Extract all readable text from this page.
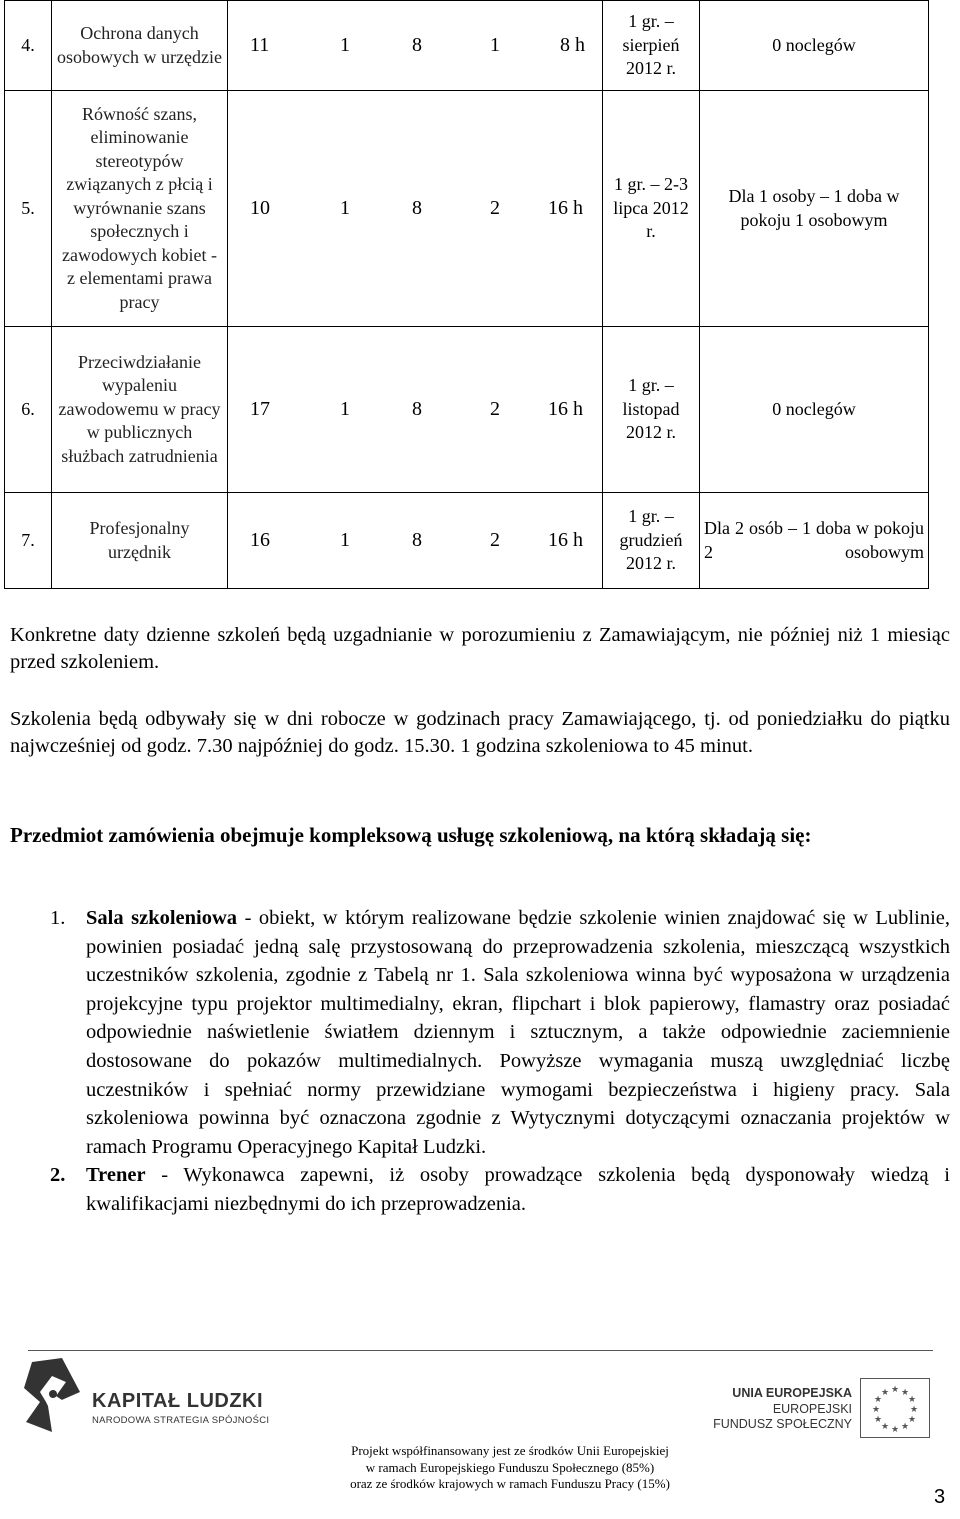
4.	Ochrona danych osobowych w urzędzie	11 1 8 1 8 h	1 gr. – sierpień 2012 r.	0 noclegów
5.	Równość szans, eliminowanie stereotypów związanych z płcią i wyrównanie szans społecznych i zawodowych kobiet - z elementami prawa pracy	10 1 8 2 16 h	1 gr. – 2-3 lipca 2012 r.	Dla 1 osoby – 1 doba w pokoju 1 osobowym
6.	Przeciwdziałanie wypaleniu zawodowemu w pracy w publicznych służbach zatrudnienia	17 1 8 2 16 h	1 gr. – listopad 2012 r.	0 noclegów
7.	Profesjonalny urzędnik	16 1 8 2 16 h	1 gr. – grudzień 2012 r.	Dla 2 osób – 1 doba w pokoju 2 osobowym
Konkretne daty dzienne szkoleń będą uzgadnianie w porozumieniu z Zamawiającym, nie później niż 1 miesiąc przed szkoleniem.
Szkolenia będą odbywały się w dni robocze w godzinach pracy Zamawiającego, tj. od poniedziałku do piątku najwcześniej od godz. 7.30 najpóźniej do godz. 15.30. 1 godzina szkoleniowa to 45 minut.
Przedmiot zamówienia obejmuje kompleksową usługę szkoleniową, na którą składają się:
1. Sala szkoleniowa - obiekt, w którym realizowane będzie szkolenie winien znajdować się w Lublinie, powinien posiadać jedną salę przystosowaną do przeprowadzenia szkolenia, mieszczącą wszystkich uczestników szkolenia, zgodnie z Tabelą nr 1. Sala szkoleniowa winna być wyposażona w urządzenia projekcyjne typu projektor multimedialny, ekran, flipchart i blok papierowy, flamastry oraz posiadać odpowiednie naświetlenie światłem dziennym i sztucznym, a także odpowiednie zaciemnienie dostosowane do pokazów multimedialnych. Powyższe wymagania muszą uwzględniać liczbę uczestników i spełniać normy przewidziane wymogami bezpieczeństwa i higieny pracy. Sala szkoleniowa powinna być oznaczona zgodnie z Wytycznymi dotyczącymi oznaczania projektów w ramach Programu Operacyjnego Kapitał Ludzki.
2. Trener - Wykonawca zapewni, iż osoby prowadzące szkolenia będą dysponowały wiedzą i kwalifikacjami niezbędnymi do ich przeprowadzenia.
KAPITAŁ LUDZKI
NARODOWA STRATEGIA SPÓJNOŚCI
UNIA EUROPEJSKA
EUROPEJSKI
FUNDUSZ SPOŁECZNY
★ ★
★
★
★
★
★
★
★
★
★
★
Projekt współfinansowany jest ze środków Unii Europejskiej
w ramach Europejskiego Funduszu Społecznego (85%)
oraz ze środków krajowych w ramach Funduszu Pracy (15%)
3
